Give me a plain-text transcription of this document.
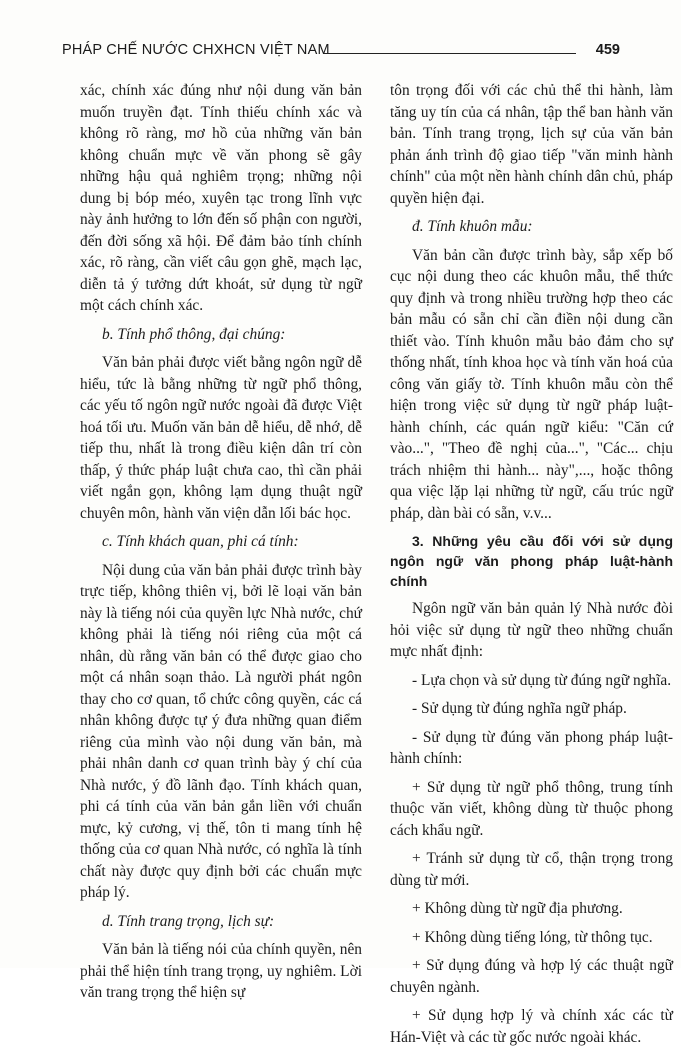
PHÁP CHẾ NƯỚC CHXHCN VIỆT NAM	459

xác, chính xác đúng như nội dung văn bản muốn truyền đạt. Tính thiếu chính xác và không rõ ràng, mơ hồ của những văn bản không chuẩn mực về văn phong sẽ gây những hậu quả nghiêm trọng; những nội dung bị bóp méo, xuyên tạc trong lĩnh vực này ảnh hưởng to lớn đến số phận con người, đến đời sống xã hội. Để đảm bảo tính chính xác, rõ ràng, cần viết câu gọn ghẽ, mạch lạc, diễn tả ý tưởng dứt khoát, sử dụng từ ngữ một cách chính xác.

b. Tính phổ thông, đại chúng:

Văn bản phải được viết bằng ngôn ngữ dễ hiểu, tức là bằng những từ ngữ phổ thông, các yếu tố ngôn ngữ nước ngoài đã được Việt hoá tối ưu. Muốn văn bản dễ hiểu, dễ nhớ, dễ tiếp thu, nhất là trong điều kiện dân trí còn thấp, ý thức pháp luật chưa cao, thì cần phải viết ngắn gọn, không lạm dụng thuật ngữ chuyên môn, hành văn viện dẫn lối bác học.

c. Tính khách quan, phi cá tính:

Nội dung của văn bản phải được trình bày trực tiếp, không thiên vị, bởi lẽ loại văn bản này là tiếng nói của quyền lực Nhà nước, chứ không phải là tiếng nói riêng của một cá nhân, dù rằng văn bản có thể được giao cho một cá nhân soạn thảo. Là người phát ngôn thay cho cơ quan, tổ chức công quyền, các cá nhân không được tự ý đưa những quan điểm riêng của mình vào nội dung văn bản, mà phải nhân danh cơ quan trình bày ý chí của Nhà nước, ý đồ lãnh đạo. Tính khách quan, phi cá tính của văn bản gắn liền với chuẩn mực, kỷ cương, vị thế, tôn ti mang tính hệ thống của cơ quan Nhà nước, có nghĩa là tính chất này được quy định bởi các chuẩn mực pháp lý.

d. Tính trang trọng, lịch sự:

Văn bản là tiếng nói của chính quyền, nên phải thể hiện tính trang trọng, uy nghiêm. Lời văn trang trọng thể hiện sự

tôn trọng đối với các chủ thể thi hành, làm tăng uy tín của cá nhân, tập thể ban hành văn bản. Tính trang trọng, lịch sự của văn bản phản ánh trình độ giao tiếp "văn minh hành chính" của một nền hành chính dân chủ, pháp quyền hiện đại.

đ. Tính khuôn mẫu:

Văn bản cần được trình bày, sắp xếp bố cục nội dung theo các khuôn mẫu, thể thức quy định và trong nhiều trường hợp theo các bản mẫu có sẵn chỉ cần điền nội dung cần thiết vào. Tính khuôn mẫu bảo đảm cho sự thống nhất, tính khoa học và tính văn hoá của công văn giấy tờ. Tính khuôn mẫu còn thể hiện trong việc sử dụng từ ngữ pháp luật-hành chính, các quán ngữ kiểu: "Căn cứ vào...", "Theo đề nghị của...", "Các... chịu trách nhiệm thi hành... này",..., hoặc thông qua việc lặp lại những từ ngữ, cấu trúc ngữ pháp, dàn bài có sẵn, v.v...

3. Những yêu cầu đối với sử dụng ngôn ngữ văn phong pháp luật-hành chính

Ngôn ngữ văn bản quản lý Nhà nước đòi hỏi việc sử dụng từ ngữ theo những chuẩn mực nhất định:

- Lựa chọn và sử dụng từ đúng ngữ nghĩa.

- Sử dụng từ đúng nghĩa ngữ pháp.

- Sử dụng từ đúng văn phong pháp luật-hành chính:

+ Sử dụng từ ngữ phổ thông, trung tính thuộc văn viết, không dùng từ thuộc phong cách khẩu ngữ.

+ Tránh sử dụng từ cổ, thận trọng trong dùng từ mới.

+ Không dùng từ ngữ địa phương.

+ Không dùng tiếng lóng, từ thông tục.

+ Sử dụng đúng và hợp lý các thuật ngữ chuyên ngành.

+ Sử dụng hợp lý và chính xác các từ Hán-Việt và các từ gốc nước ngoài khác.
